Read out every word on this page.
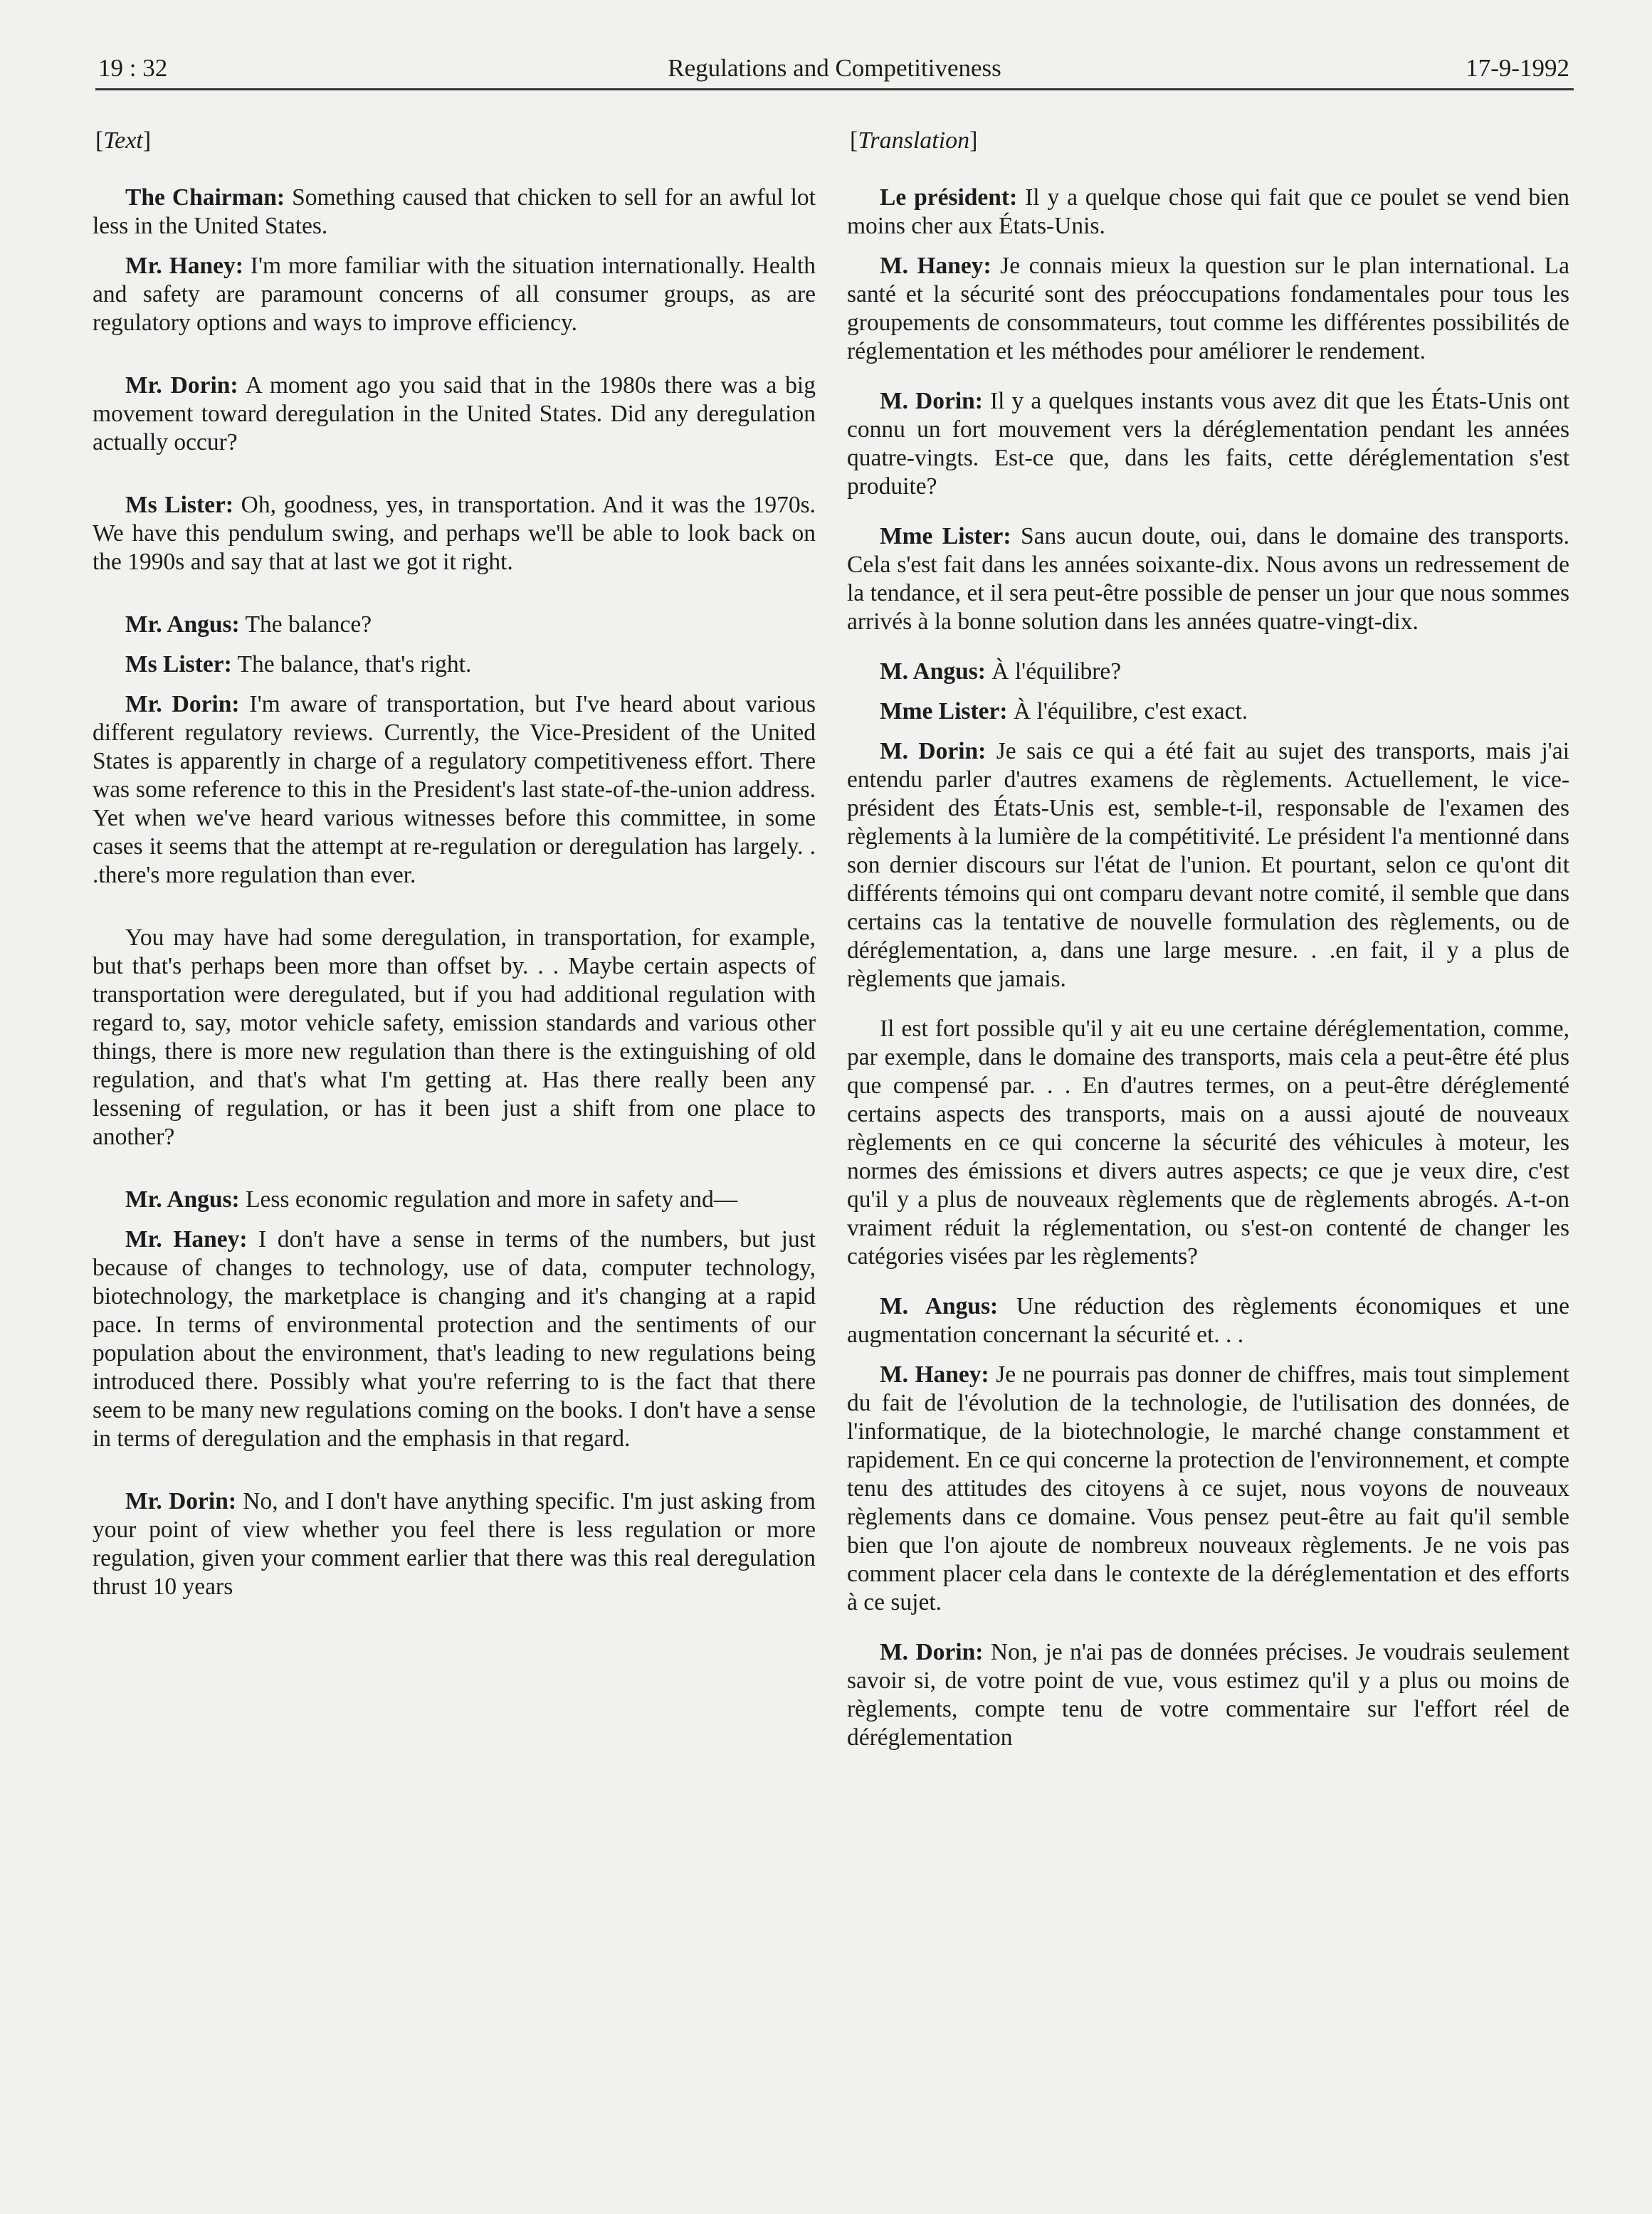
19 : 32	Regulations and Competitiveness	17-9-1992
[Text]

The Chairman: Something caused that chicken to sell for an awful lot less in the United States.

Mr. Haney: I'm more familiar with the situation internationally. Health and safety are paramount concerns of all consumer groups, as are regulatory options and ways to improve efficiency.

Mr. Dorin: A moment ago you said that in the 1980s there was a big movement toward deregulation in the United States. Did any deregulation actually occur?

Ms Lister: Oh, goodness, yes, in transportation. And it was the 1970s. We have this pendulum swing, and perhaps we'll be able to look back on the 1990s and say that at last we got it right.

Mr. Angus: The balance?

Ms Lister: The balance, that's right.

Mr. Dorin: I'm aware of transportation, but I've heard about various different regulatory reviews. Currently, the Vice-President of the United States is apparently in charge of a regulatory competitiveness effort. There was some reference to this in the President's last state-of-the-union address. Yet when we've heard various witnesses before this committee, in some cases it seems that the attempt at re-regulation or deregulation has largely. . .there's more regulation than ever.

You may have had some deregulation, in transportation, for example, but that's perhaps been more than offset by. . . Maybe certain aspects of transportation were deregulated, but if you had additional regulation with regard to, say, motor vehicle safety, emission standards and various other things, there is more new regulation than there is the extinguishing of old regulation, and that's what I'm getting at. Has there really been any lessening of regulation, or has it been just a shift from one place to another?

Mr. Angus: Less economic regulation and more in safety and—

Mr. Haney: I don't have a sense in terms of the numbers, but just because of changes to technology, use of data, computer technology, biotechnology, the marketplace is changing and it's changing at a rapid pace. In terms of environmental protection and the sentiments of our population about the environment, that's leading to new regulations being introduced there. Possibly what you're referring to is the fact that there seem to be many new regulations coming on the books. I don't have a sense in terms of deregulation and the emphasis in that regard.

Mr. Dorin: No, and I don't have anything specific. I'm just asking from your point of view whether you feel there is less regulation or more regulation, given your comment earlier that there was this real deregulation thrust 10 years

[Translation]

Le président: Il y a quelque chose qui fait que ce poulet se vend bien moins cher aux États-Unis.

M. Haney: Je connais mieux la question sur le plan international. La santé et la sécurité sont des préoccupations fondamentales pour tous les groupements de consommateurs, tout comme les différentes possibilités de réglementation et les méthodes pour améliorer le rendement.

M. Dorin: Il y a quelques instants vous avez dit que les États-Unis ont connu un fort mouvement vers la déréglementation pendant les années quatre-vingts. Est-ce que, dans les faits, cette déréglementation s'est produite?

Mme Lister: Sans aucun doute, oui, dans le domaine des transports. Cela s'est fait dans les années soixante-dix. Nous avons un redressement de la tendance, et il sera peut-être possible de penser un jour que nous sommes arrivés à la bonne solution dans les années quatre-vingt-dix.

M. Angus: À l'équilibre?

Mme Lister: À l'équilibre, c'est exact.

M. Dorin: Je sais ce qui a été fait au sujet des transports, mais j'ai entendu parler d'autres examens de règlements. Actuellement, le vice-président des États-Unis est, semble-t-il, responsable de l'examen des règlements à la lumière de la compétitivité. Le président l'a mentionné dans son dernier discours sur l'état de l'union. Et pourtant, selon ce qu'ont dit différents témoins qui ont comparu devant notre comité, il semble que dans certains cas la tentative de nouvelle formulation des règlements, ou de déréglementation, a, dans une large mesure. . .en fait, il y a plus de règlements que jamais.

Il est fort possible qu'il y ait eu une certaine déréglementation, comme, par exemple, dans le domaine des transports, mais cela a peut-être été plus que compensé par. . . En d'autres termes, on a peut-être déréglementé certains aspects des transports, mais on a aussi ajouté de nouveaux règlements en ce qui concerne la sécurité des véhicules à moteur, les normes des émissions et divers autres aspects; ce que je veux dire, c'est qu'il y a plus de nouveaux règlements que de règlements abrogés. A-t-on vraiment réduit la réglementation, ou s'est-on contenté de changer les catégories visées par les règlements?

M. Angus: Une réduction des règlements économiques et une augmentation concernant la sécurité et. . .

M. Haney: Je ne pourrais pas donner de chiffres, mais tout simplement du fait de l'évolution de la technologie, de l'utilisation des données, de l'informatique, de la biotechnologie, le marché change constamment et rapidement. En ce qui concerne la protection de l'environnement, et compte tenu des attitudes des citoyens à ce sujet, nous voyons de nouveaux règlements dans ce domaine. Vous pensez peut-être au fait qu'il semble bien que l'on ajoute de nombreux nouveaux règlements. Je ne vois pas comment placer cela dans le contexte de la déréglementation et des efforts à ce sujet.

M. Dorin: Non, je n'ai pas de données précises. Je voudrais seulement savoir si, de votre point de vue, vous estimez qu'il y a plus ou moins de règlements, compte tenu de votre commentaire sur l'effort réel de déréglementation
